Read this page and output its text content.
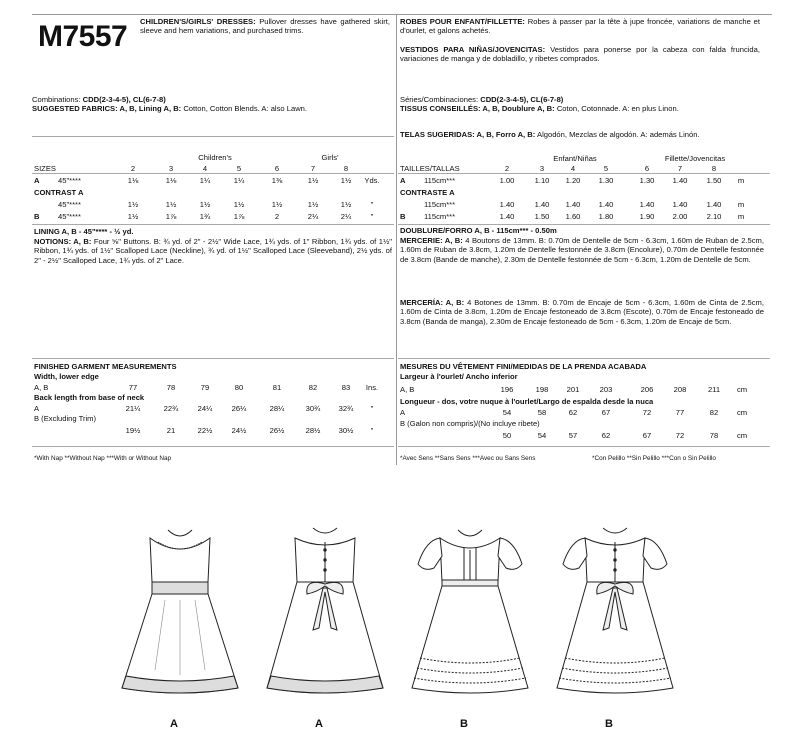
M7557 CHILDREN'S/GIRLS' DRESSES: Pullover dresses have gathered skirt, sleeve and hem variations, and purchased trims.
Combinations: CDD(2-3-4-5), CL(6-7-8)
SUGGESTED FABRICS: A, B, Lining A, B: Cotton, Cotton Blends. A: also Lawn.
Children's	Girls'
SIZES	2	3	4	5	6	7	8
A 45"****	1⅛	1⅛	1¼	1¼	1⅜	1½	1½	Yds.
CONTRAST A
45"****	1½	1½	1½	1½	1½	1½	1½	"
B 45"****	1½	1⅞	1¾	1⅞	2	2¼	2¼	"
LINING A, B - 45"**** - ½ yd.
NOTIONS: A, B: Four ⅝" Buttons. B: ¾ yd. of 2" - 2½" Wide Lace, 1¾ yds. of 1" Ribbon, 1¾ yds. of 1½" Ribbon, 1¾ yds. of 1½" Scalloped Lace (Neckline), ¾ yd. of 1½" Scalloped Lace (Sleeveband), 2½ yds. of 2" - 2½" Scalloped Lace, 1¾ yds. of 2" Lace.
FINISHED GARMENT MEASUREMENTS
Width, lower edge
A, B	77	78	79	80	81	82	83	Ins.
Back length from base of neck
A	21¼	22¾	24¼	26¼	28¼	30¾	32¾	"
B (Excluding Trim)
19½	21	22½	24½	26½	28½	30½	"
*With Nap **Without Nap ***With or Without Nap
ROBES POUR ENFANT/FILLETTE: Robes à passer par la tête à jupe froncée, variations de manche et d'ourlet, et galons achetés.
VESTIDOS PARA NIÑAS/JOVENCITAS: Vestidos para ponerse por la cabeza con falda fruncida, variaciones de manga y de dobladillo, y ribetes comprados.
Séries/Combinaciones: CDD(2-3-4-5), CL(6-7-8)
TISSUS CONSEILLÉS: A, B, Doublure A, B: Coton, Cotonnade. A: en plus Linon.
TELAS SUGERIDAS: A, B, Forro A, B: Algodón, Mezclas de algodón. A: además Linón.
Enfant/Niñas	Fillette/Jovencitas
TAILLES/TALLAS	2	3	4	5	6	7	8
A 115cm***	1.00	1.10	1.20	1.30	1.30	1.40	1.50	m
CONTRASTE A
115cm***	1.40	1.40	1.40	1.40	1.40	1.40	1.40	m
B 115cm***	1.40	1.50	1.60	1.80	1.90	2.00	2.10	m
DOUBLURE/FORRO A, B - 115cm*** - 0.50m
MERCERIE: A, B: 4 Boutons de 13mm. B: 0.70m de Dentelle de 5cm - 6.3cm, 1.60m de Ruban de 2.5cm, 1.60m de Ruban de 3.8cm, 1.20m de Dentelle festonnée de 3.8cm (Encolure), 0.70m de Dentelle festonnée de 3.8cm (Bande de manche), 2.30m de Dentelle festonnée de 5cm - 6.3cm, 1.20m de Dentelle de 5cm.
MERCERÍA: A, B: 4 Botones de 13mm. B: 0.70m de Encaje de 5cm - 6.3cm, 1.60m de Cinta de 2.5cm, 1.60m de Cinta de 3.8cm, 1.20m de Encaje festoneado de 3.8cm (Escote), 0.70m de Encaje festoneado de 3.8cm (Banda de manga), 2.30m de Encaje festoneado de 5cm - 6.3cm, 1.20m de Encaje de 5cm.
MESURES DU VÊTEMENT FINI/MEDIDAS DE LA PRENDA ACABADA
Largeur à l'ourlet/ Ancho inferior
A, B	196	198	201	203	206	208	211	cm
Longueur - dos, votre nuque à l'ourlet/Largo de espalda desde la nuca
A	54	58	62	67	72	77	82	cm
B (Galon non compris)/(No incluye ribete)
50	54	57	62	67	72	78	cm
*Avec Sens **Sans Sens ***Avec ou Sans Sens	*Con Pelillo **Sin Pelillo ***Con o Sin Pelillo
A	A	B	B
